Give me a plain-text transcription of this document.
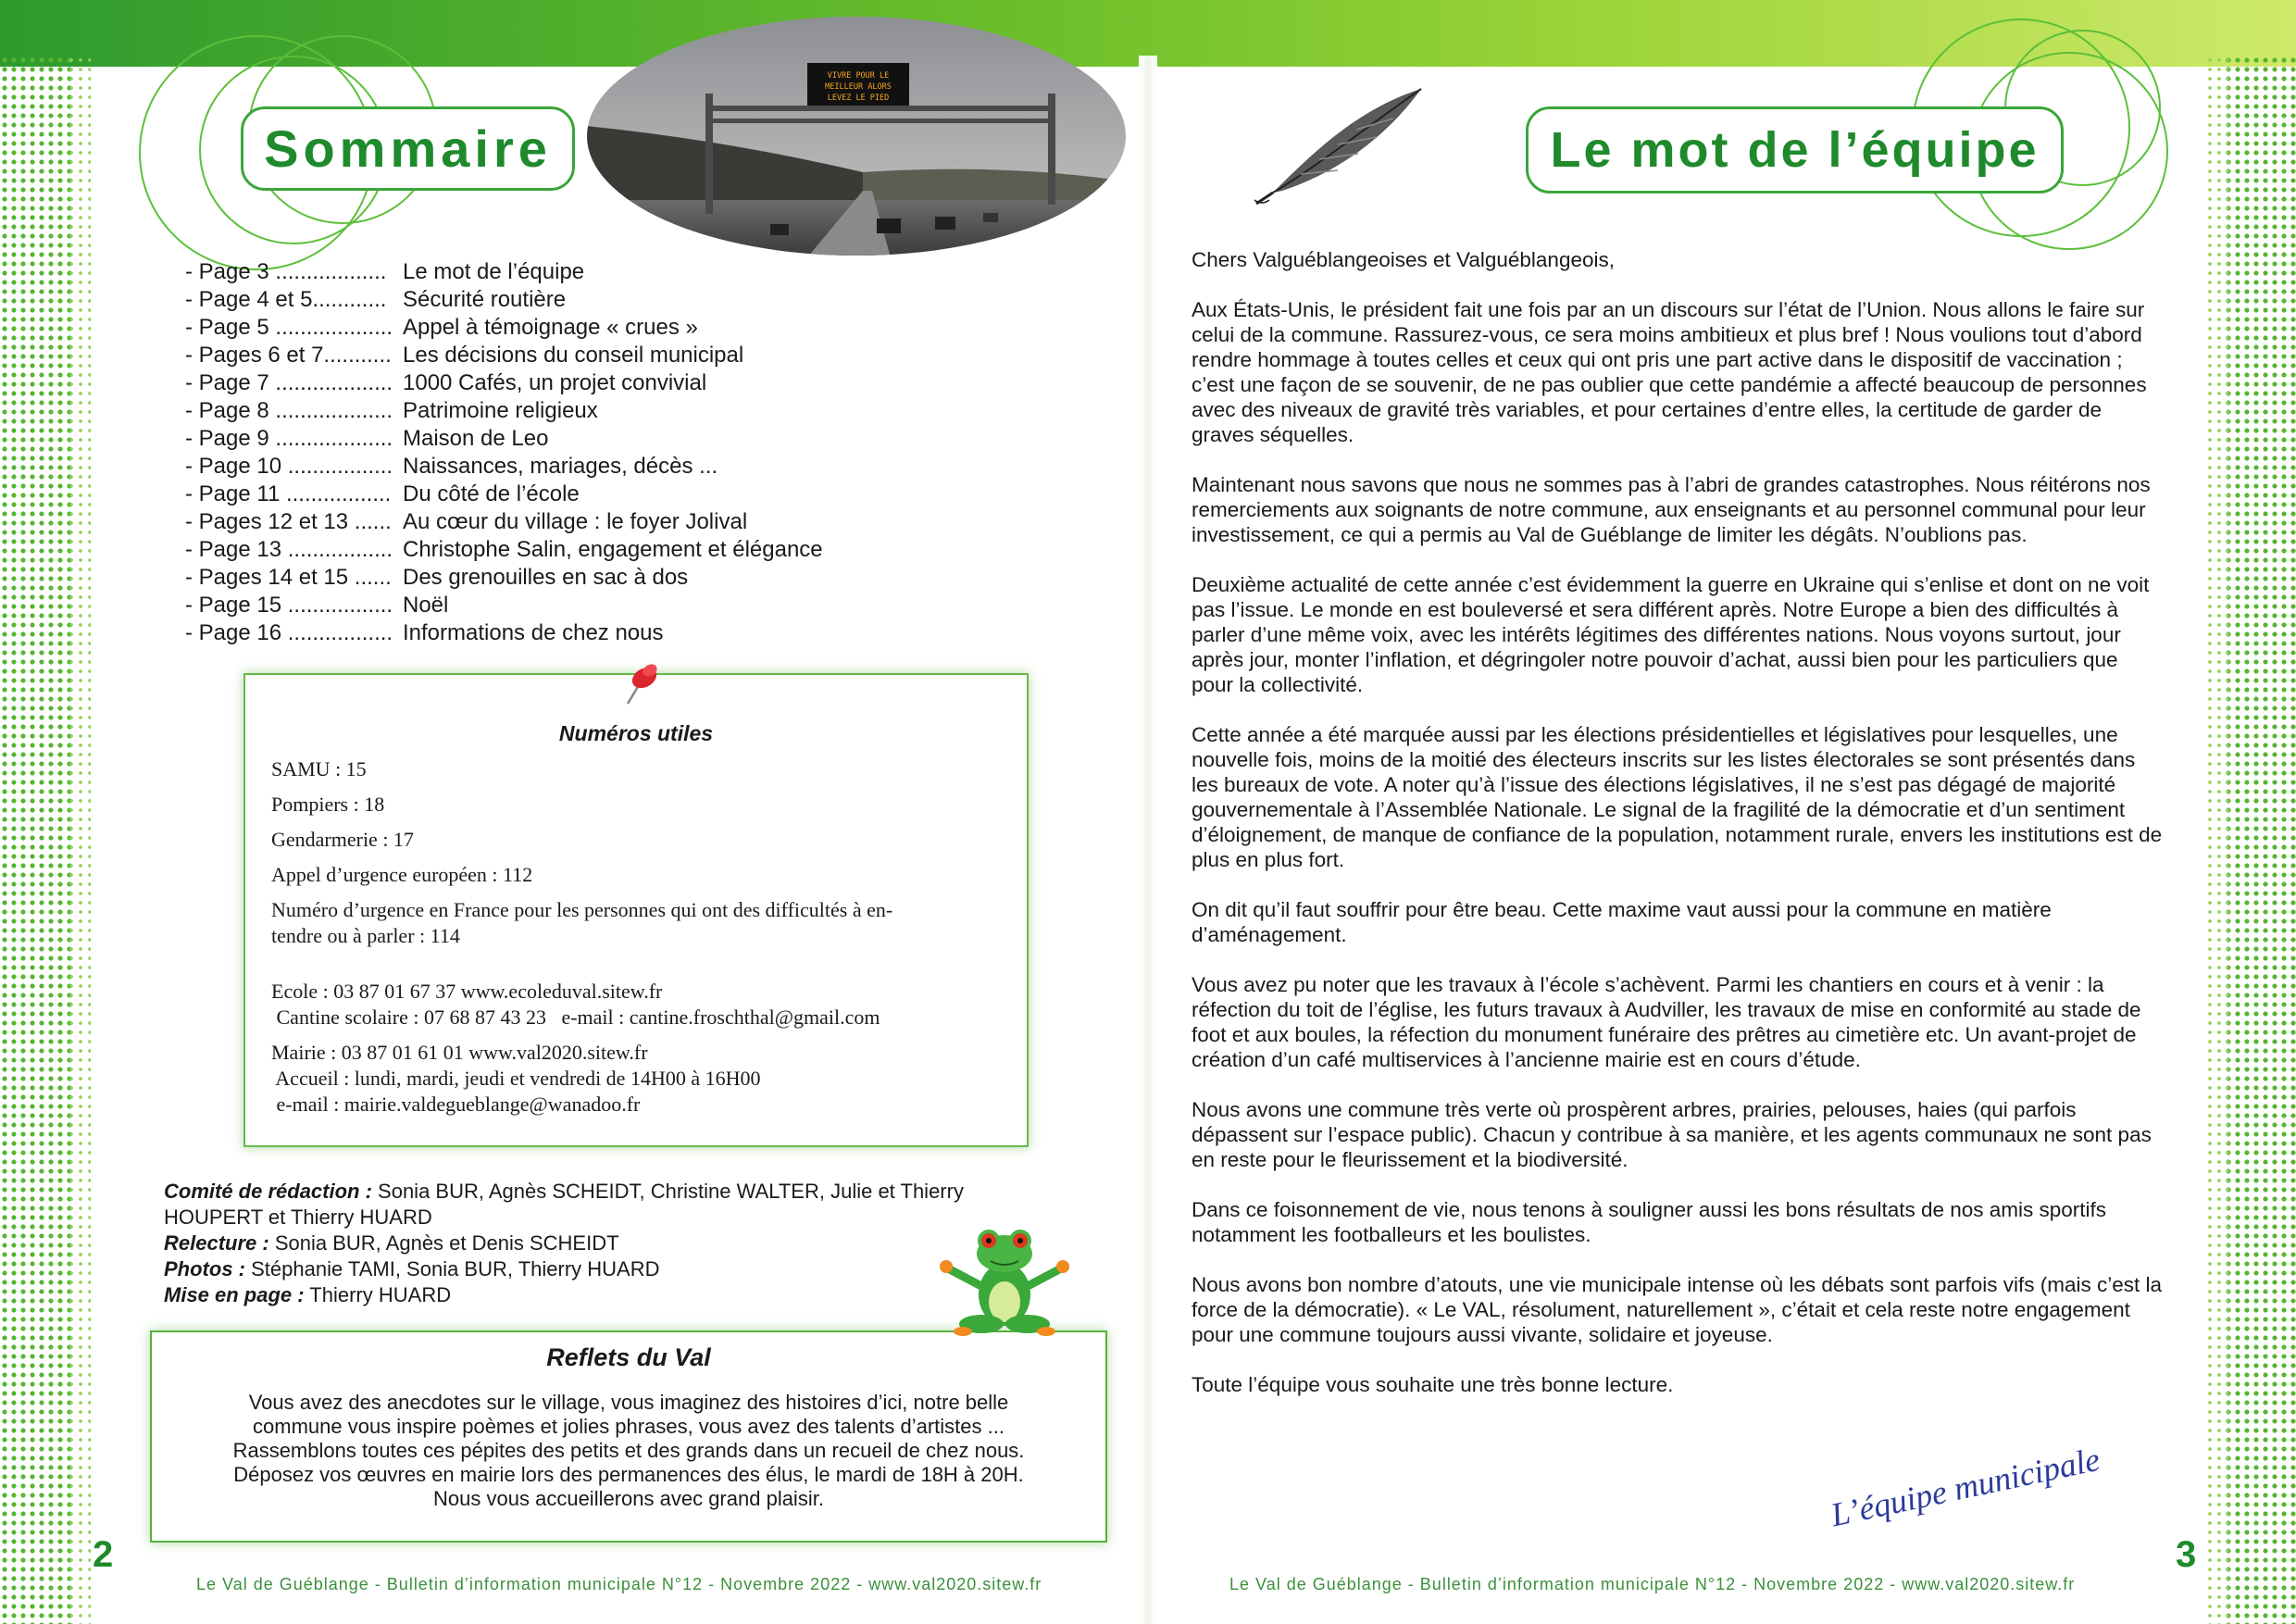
Sommaire
VIVRE POUR LE
MEILLEUR ALORS
LEVEZ LE PIED
- Page 3 .................. Le mot de l’équipe
- Page 4 et 5............ Sécurité routière
- Page 5 ................... Appel à témoignage « crues »
- Pages 6 et 7........... Les décisions du conseil municipal
- Page 7 ................... 1000 Cafés, un projet convivial
- Page 8 ................... Patrimoine religieux
- Page 9 ................... Maison de Leo
- Page 10 ................. Naissances, mariages, décès ...
- Page 11 ................. Du côté de l’école
- Pages 12 et 13 ...... Au cœur du village : le foyer Jolival
- Page 13 ................. Christophe Salin, engagement et élégance
- Pages 14 et 15 ...... Des grenouilles en sac à dos
- Page 15 ................. Noël
- Page 16 ................. Informations de chez nous
Numéros utiles
SAMU : 15
Pompiers : 18
Gendarmerie : 17
Appel d’urgence européen : 112
Numéro d’urgence en France pour les personnes qui ont des difficultés à en-
tendre ou à parler : 114
Ecole : 03 87 01 67 37 www.ecoleduval.sitew.fr
Cantine scolaire : 07 68 87 43 23   e-mail : cantine.froschthal@gmail.com
Mairie : 03 87 01 61 01 www.val2020.sitew.fr
Accueil : lundi, mardi, jeudi et vendredi de 14H00 à 16H00
e-mail : mairie.valdegueblange@wanadoo.fr
Comité de rédaction : Sonia BUR, Agnès SCHEIDT, Christine WALTER, Julie et Thierry
HOUPERT et Thierry HUARD
Relecture : Sonia BUR, Agnès et Denis SCHEIDT
Photos : Stéphanie TAMI, Sonia BUR, Thierry HUARD
Mise en page : Thierry HUARD
Reflets du Val
Vous avez des anecdotes sur le village, vous imaginez des histoires d’ici, notre belle
commune vous inspire poèmes et jolies phrases, vous avez des talents d’artistes ...
Rassemblons toutes ces pépites des petits et des grands dans un recueil de chez nous.
Déposez vos œuvres en mairie lors des permanences des élus, le mardi de 18H à 20H.
Nous vous accueillerons avec grand plaisir.
2
Le Val de Guéblange - Bulletin d’information municipale N°12 - Novembre 2022 - www.val2020.sitew.fr
Le mot de l’équipe

Chers Valguéblangeoises et Valguéblangeois,

Aux États-Unis, le président fait une fois par an un discours sur l’état de l’Union. Nous allons le faire sur celui de la commune. Rassurez-vous, ce sera moins ambitieux et plus bref ! Nous voulions tout d’abord rendre hommage à toutes celles et ceux qui ont pris une part active dans le dispositif de vaccination ; c’est une façon de se souvenir, de ne pas oublier que cette pandémie a affecté beaucoup de personnes avec des niveaux de gravité très variables, et pour certaines d’entre elles, la certitude de garder de graves séquelles.

Maintenant nous savons que nous ne sommes pas à l’abri de grandes catastrophes. Nous réitérons nos remerciements aux soignants de notre commune, aux enseignants et au personnel communal pour leur investissement, ce qui a permis au Val de Guéblange de limiter les dégâts. N’oublions pas.

Deuxième actualité de cette année c’est évidemment la guerre en Ukraine qui s’enlise et dont on ne voit pas l’issue. Le monde en est bouleversé et sera différent après. Notre Europe a bien des difficultés à parler d’une même voix, avec les intérêts légitimes des différentes nations. Nous voyons surtout, jour après jour, monter l’inflation, et dégringoler notre pouvoir d’achat, aussi bien pour les particuliers que pour la collectivité.

Cette année a été marquée aussi par les élections présidentielles et législatives pour lesquelles, une nouvelle fois, moins de la moitié des électeurs inscrits sur les listes électorales se sont présentés dans les bureaux de vote. A noter qu’à l’issue des élections législatives, il ne s’est pas dégagé de majorité gouvernementale à l’Assemblée Nationale. Le signal de la fragilité de la démocratie et d’un sentiment d’éloignement, de manque de confiance de la population, notamment rurale, envers les institutions est de plus en plus fort.

On dit qu’il faut souffrir pour être beau. Cette maxime vaut aussi pour la commune en matière d’aménagement.

Vous avez pu noter que les travaux à l’école s’achèvent. Parmi les chantiers en cours et à venir : la réfection du toit de l’église, les futurs travaux à Audviller, les travaux de mise en conformité au stade de foot et aux boules, la réfection du monument funéraire des prêtres au cimetière etc. Un avant-projet de création d’un café multiservices à l’ancienne mairie est en cours d’étude.

Nous avons une commune très verte où prospèrent arbres, prairies, pelouses, haies (qui parfois dépassent sur l’espace public). Chacun y contribue à sa manière, et les agents communaux ne sont pas en reste pour le fleurissement et la biodiversité.

Dans ce foisonnement de vie, nous tenons à souligner aussi les bons résultats de nos amis sportifs notamment les footballeurs et les boulistes.

Nous avons bon nombre d’atouts, une vie municipale intense où les débats sont parfois vifs (mais c’est la force de la démocratie). « Le VAL, résolument, naturellement », c’était et cela reste notre engagement pour une commune toujours aussi vivante, solidaire et joyeuse.

Toute l’équipe vous souhaite une très bonne lecture.

L’équipe municipale
3
Le Val de Guéblange - Bulletin d’information municipale N°12 - Novembre 2022 - www.val2020.sitew.fr
